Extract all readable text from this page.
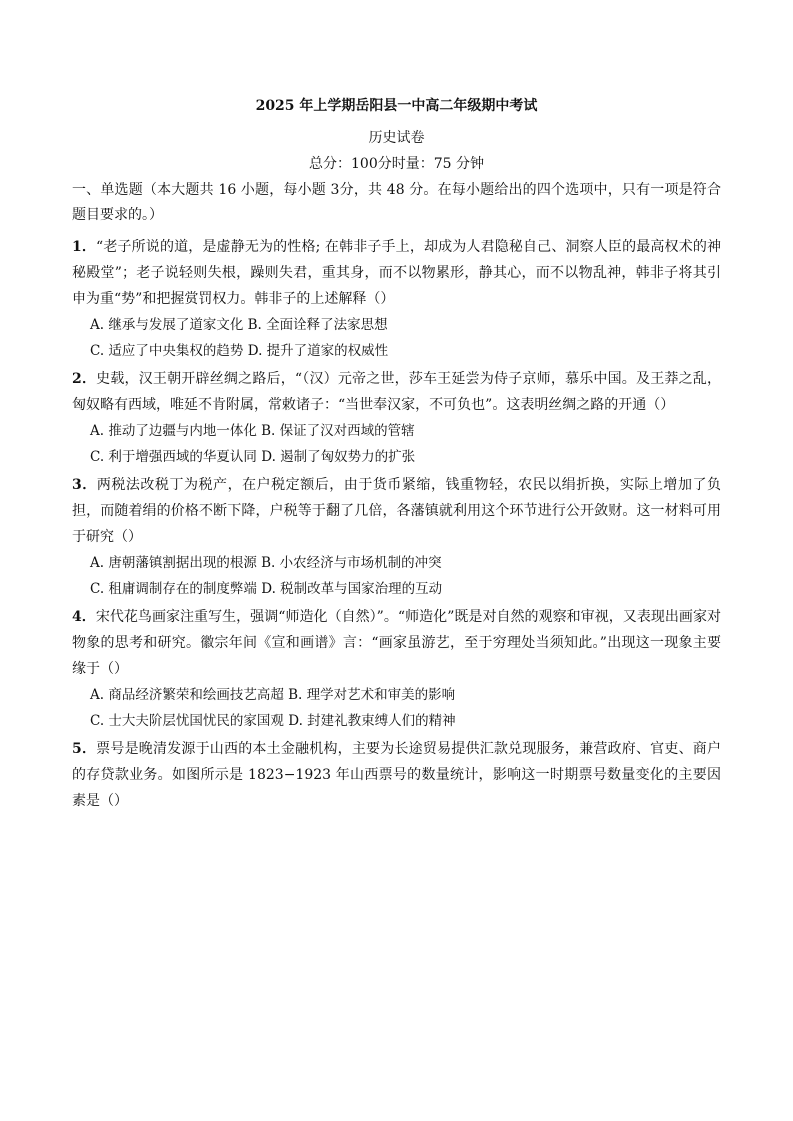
2025 年上学期岳阳县一中高二年级期中考试
历史试卷
总分：100分时量：75 分钟
一、单选题（本大题共 16 小题，每小题 3分，共 48 分。在每小题给出的四个选项中，只有一项是符合题目要求的。）

1．“老子所说的道，是虚静无为的性格; 在韩非子手上，却成为人君隐秘自己、洞察人臣的最高权术的神秘殿堂”；老子说轻则失根，躁则失君，重其身，而不以物累形，静其心，而不以物乱神，韩非子将其引申为重“势”和把握赏罚权力。韩非子的上述解释（）

A. 继承与发展了道家文化 B. 全面诠释了法家思想

C. 适应了中央集权的趋势 D. 提升了道家的权威性

2．史载，汉王朝开辟丝绸之路后，“（汉）元帝之世，莎车王延尝为侍子京师，慕乐中国。及王莽之乱，匈奴略有西域，唯延不肯附属，常敕诸子：“当世奉汉家，不可负也”。这表明丝绸之路的开通（）

A. 推动了边疆与内地一体化 B. 保证了汉对西域的管辖

C. 利于增强西域的华夏认同 D. 遏制了匈奴势力的扩张

3．两税法改税丁为税产，在户税定额后，由于货币紧缩，钱重物轻，农民以绢折换，实际上增加了负担，而随着绢的价格不断下降，户税等于翻了几倍，各藩镇就利用这个环节进行公开敛财。这一材料可用于研究（）

A. 唐朝藩镇割据出现的根源 B. 小农经济与市场机制的冲突

C. 租庸调制存在的制度弊端 D. 税制改革与国家治理的互动

4．宋代花鸟画家注重写生，强调“师造化（自然）”。“师造化”既是对自然的观察和审视，又表现出画家对物象的思考和研究。徽宗年间《宣和画谱》言：“画家虽游艺，至于穷理处当须知此。”出现这一现象主要缘于（）

A. 商品经济繁荣和绘画技艺高超 B. 理学对艺术和审美的影响

C. 士大夫阶层忧国忧民的家国观 D. 封建礼教束缚人们的精神

5．票号是晚清发源于山西的本土金融机构，主要为长途贸易提供汇款兑现服务，兼营政府、官吏、商户的存贷款业务。如图所示是 1823−1923 年山西票号的数量统计，影响这一时期票号数量变化的主要因素是（）
